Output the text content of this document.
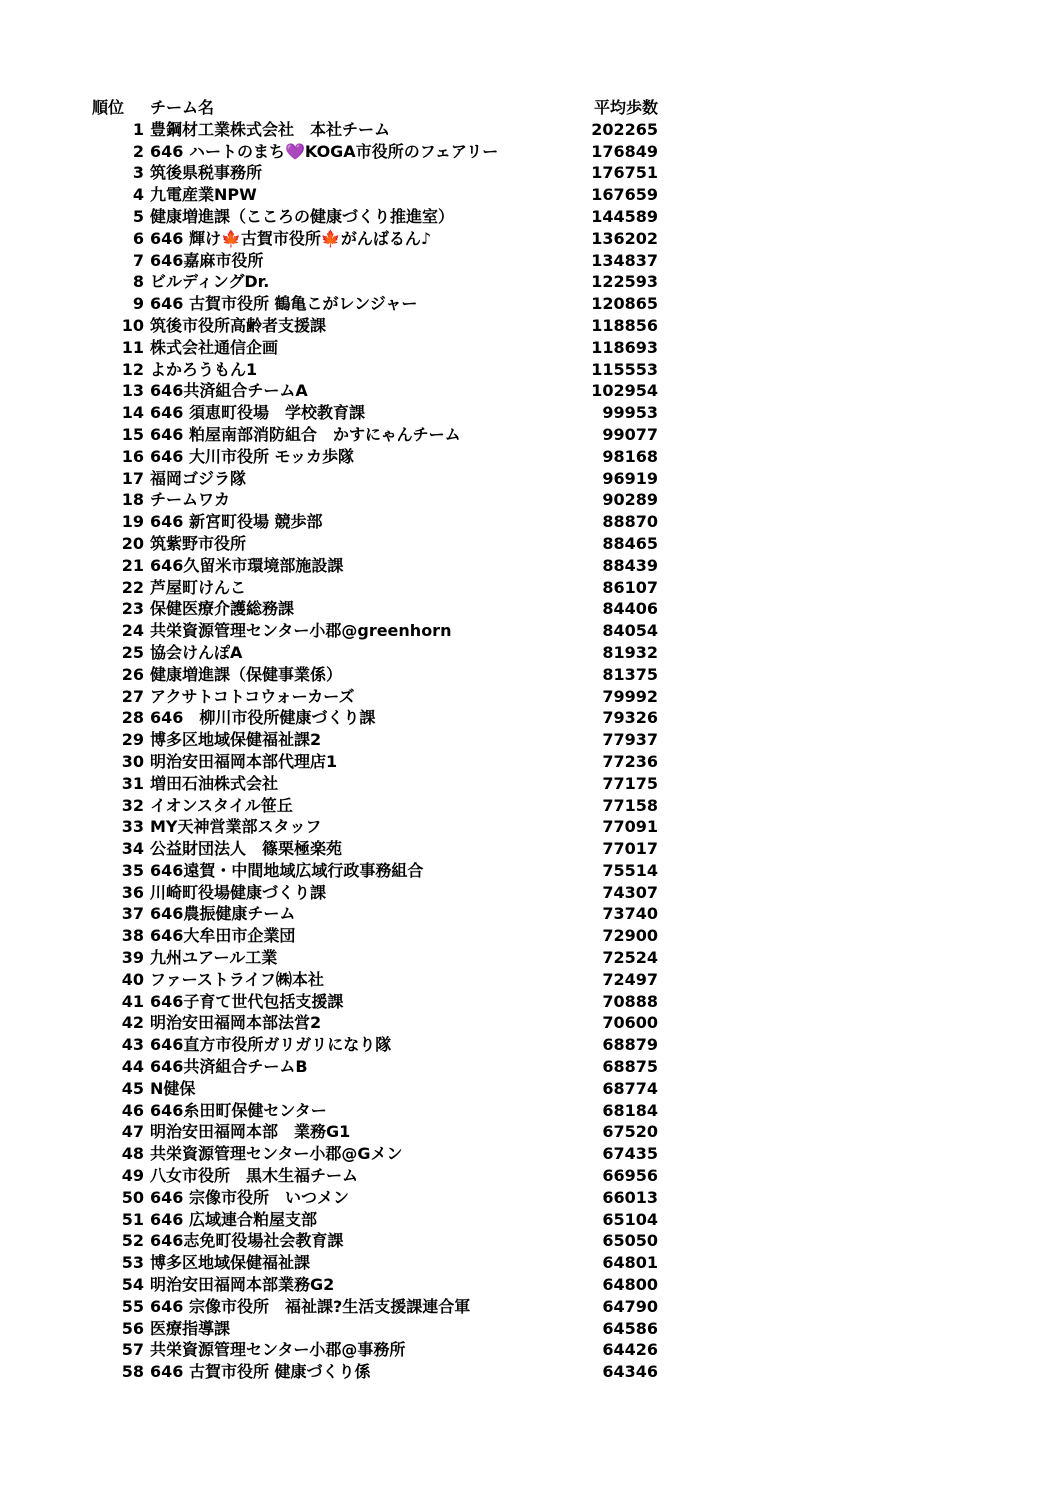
順位 チーム名	平均歩数
1 豊鋼材工業株式会社　本社チーム	202265
2 646 ハートのまち💜KOGA市役所のフェアリー	176849
3 筑後県税事務所	176751
4 九電産業NPW	167659
5 健康増進課（こころの健康づくり推進室）	144589
6 646 輝け🍁古賀市役所🍁がんばるん♪	136202
7 646嘉麻市役所	134837
8 ビルディングDr.	122593
9 646 古賀市役所 鶴亀こがレンジャー	120865
10 筑後市役所高齢者支援課	118856
11 株式会社通信企画	118693
12 よかろうもん1	115553
13 646共済組合チームA	102954
14 646 須恵町役場　学校教育課	99953
15 646 粕屋南部消防組合　かすにゃんチーム	99077
16 646 大川市役所 モッカ歩隊	98168
17 福岡ゴジラ隊	96919
18 チームワカ	90289
19 646 新宮町役場 競歩部	88870
20 筑紫野市役所	88465
21 646久留米市環境部施設課	88439
22 芦屋町けんこ	86107
23 保健医療介護総務課	84406
24 共栄資源管理センター小郡@greenhorn	84054
25 協会けんぽA	81932
26 健康増進課（保健事業係）	81375
27 アクサトコトコウォーカーズ	79992
28 646　柳川市役所健康づくり課	79326
29 博多区地域保健福祉課2	77937
30 明治安田福岡本部代理店1	77236
31 増田石油株式会社	77175
32 イオンスタイル笹丘	77158
33 MY天神営業部スタッフ	77091
34 公益財団法人　篠栗極楽苑	77017
35 646遠賀・中間地域広域行政事務組合	75514
36 川崎町役場健康づくり課	74307
37 646農振健康チーム	73740
38 646大牟田市企業団	72900
39 九州ユアール工業	72524
40 ファーストライフ㈱本社	72497
41 646子育て世代包括支援課	70888
42 明治安田福岡本部法営2	70600
43 646直方市役所ガリガリになり隊	68879
44 646共済組合チームB	68875
45 N健保	68774
46 646糸田町保健センター	68184
47 明治安田福岡本部　業務G1	67520
48 共栄資源管理センター小郡@Gメン	67435
49 八女市役所　黒木生福チーム	66956
50 646 宗像市役所　いつメン	66013
51 646 広域連合粕屋支部	65104
52 646志免町役場社会教育課	65050
53 博多区地域保健福祉課	64801
54 明治安田福岡本部業務G2	64800
55 646 宗像市役所　福祉課?生活支援課連合軍	64790
56 医療指導課	64586
57 共栄資源管理センター小郡@事務所	64426
58 646 古賀市役所 健康づくり係	64346
